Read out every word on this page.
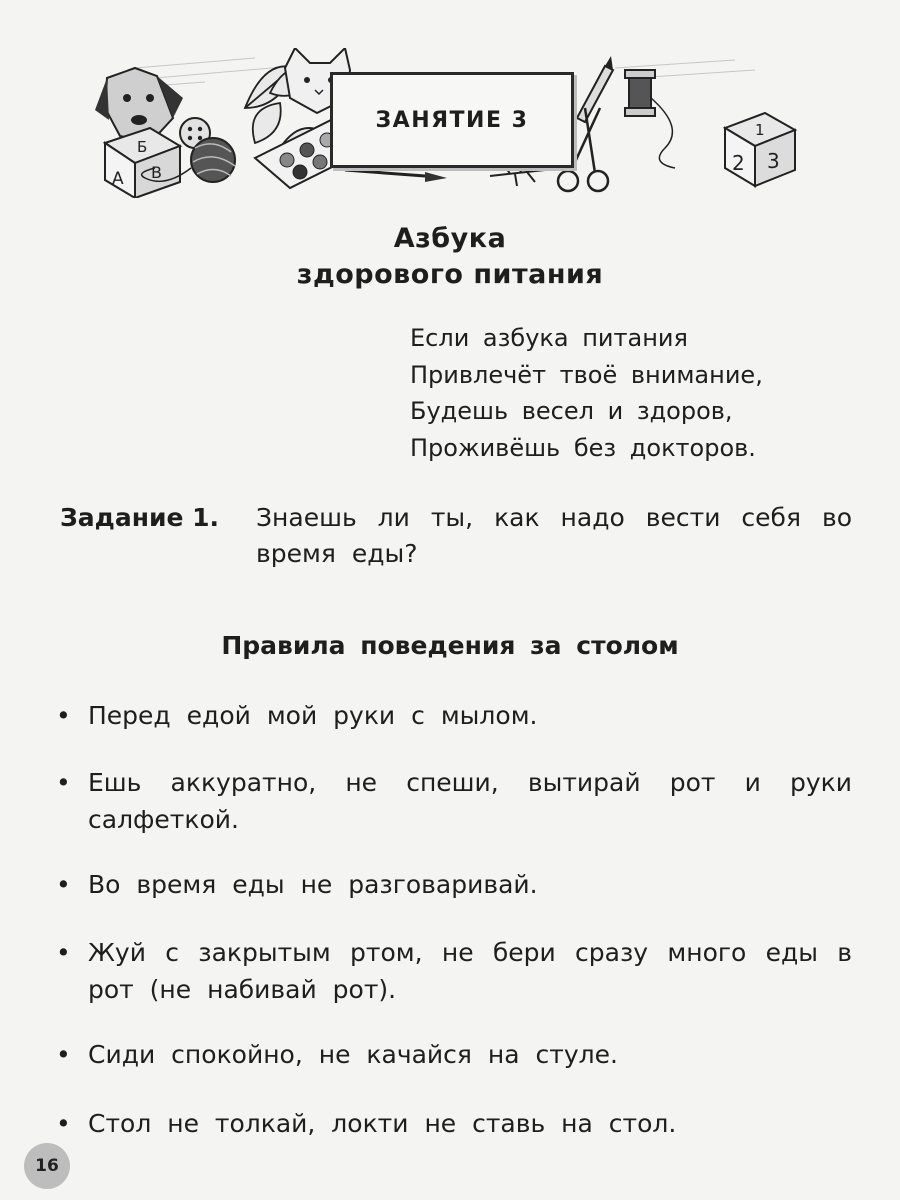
Б
А В
1
2 3
ЗАНЯТИЕ 3
Азбука
здорового питания
Если азбука питания
Привлечёт твоё внимание,
Будешь весел и здоров,
Проживёшь без докторов.
Задание 1. Знаешь ли ты, как надо вести себя во время еды?
Правила поведения за столом
• Перед едой мой руки с мылом.
• Ешь аккуратно, не спеши, вытирай рот и руки салфеткой.
• Во время еды не разговаривай.
• Жуй с закрытым ртом, не бери сразу много еды в рот (не набивай рот).
• Сиди спокойно, не качайся на стуле.
• Стол не толкай, локти не ставь на стол.
16
